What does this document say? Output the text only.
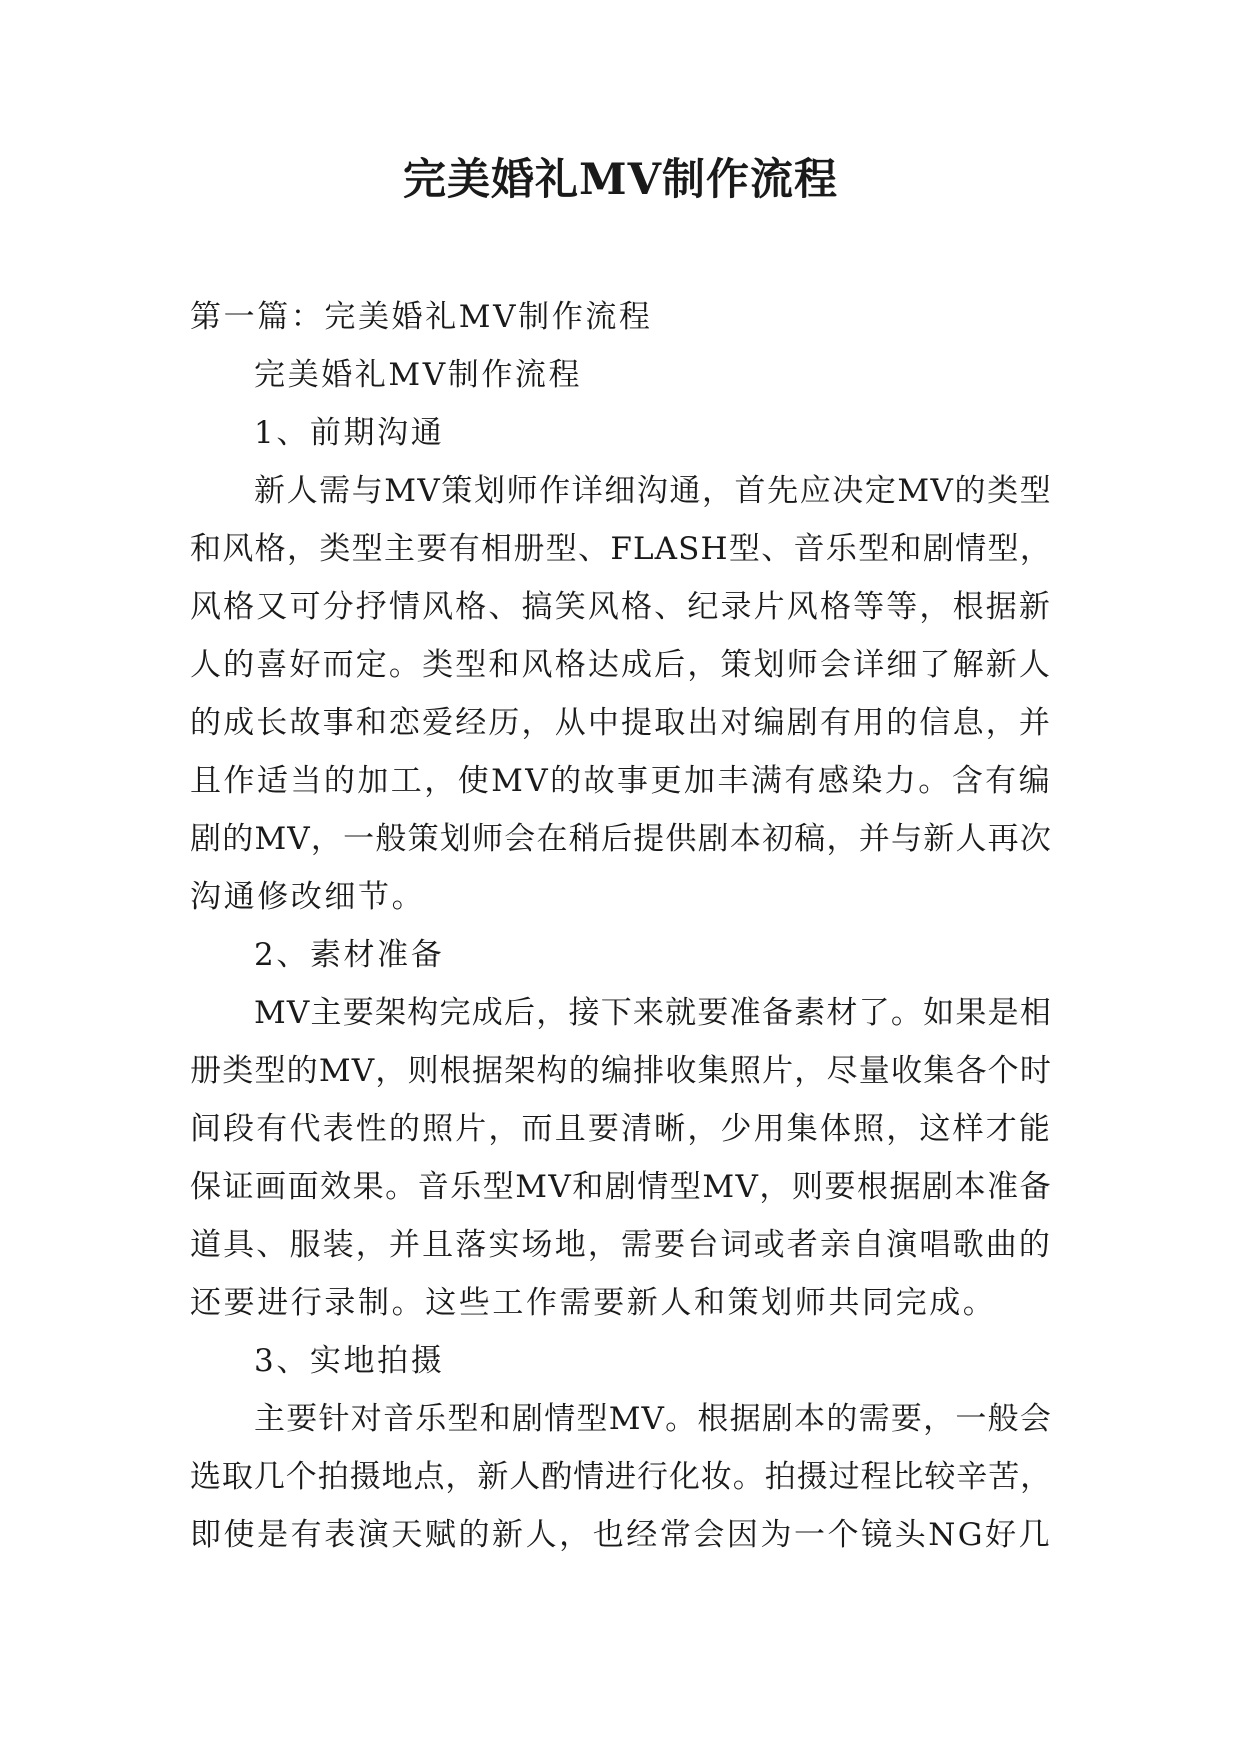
完美婚礼MV制作流程
第一篇：完美婚礼MV制作流程
完美婚礼MV制作流程
1、前期沟通
新人需与MV策划师作详细沟通，首先应决定MV的类型
和风格，类型主要有相册型、FLASH型、音乐型和剧情型，
风格又可分抒情风格、搞笑风格、纪录片风格等等，根据新
人的喜好而定。类型和风格达成后，策划师会详细了解新人
的成长故事和恋爱经历，从中提取出对编剧有用的信息，并
且作适当的加工，使MV的故事更加丰满有感染力。含有编
剧的MV，一般策划师会在稍后提供剧本初稿，并与新人再次
沟通修改细节。
2、素材准备
MV主要架构完成后，接下来就要准备素材了。如果是相
册类型的MV，则根据架构的编排收集照片，尽量收集各个时
间段有代表性的照片，而且要清晰，少用集体照，这样才能
保证画面效果。音乐型MV和剧情型MV，则要根据剧本准备
道具、服装，并且落实场地，需要台词或者亲自演唱歌曲的
还要进行录制。这些工作需要新人和策划师共同完成。
3、实地拍摄
主要针对音乐型和剧情型MV。根据剧本的需要，一般会
选取几个拍摄地点，新人酌情进行化妆。拍摄过程比较辛苦，
即使是有表演天赋的新人，也经常会因为一个镜头NG好几
